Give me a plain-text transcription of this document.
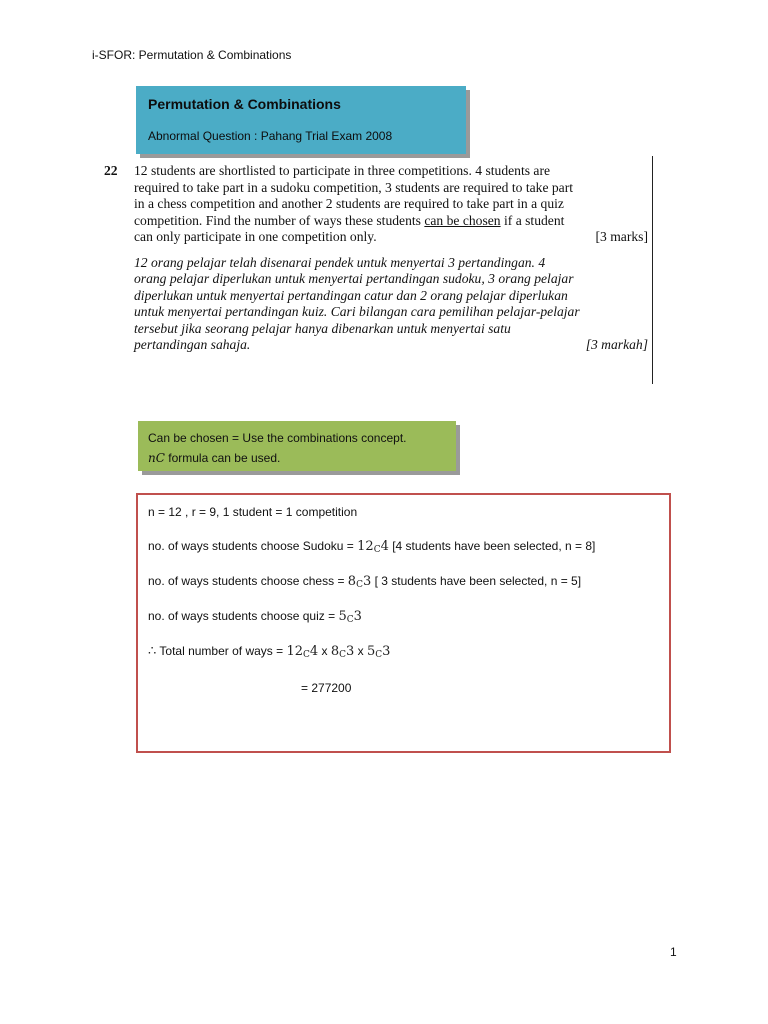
i-SFOR: Permutation & Combinations
Permutation & Combinations
Abnormal Question : Pahang Trial Exam 2008
22 12 students are shortlisted to participate in three competitions. 4 students are

required to take part in a sudoku competition, 3 students are required to take part

in a chess competition and another 2 students are required to take part in a quiz

competition. Find the number of ways these students can be chosen if a student

can only participate in one competition only.	[3 marks]

12 orang pelajar telah disenarai pendek untuk menyertai 3 pertandingan. 4

orang pelajar diperlukan untuk menyertai pertandingan sudoku, 3 orang pelajar

diperlukan untuk menyertai pertandingan catur dan 2 orang pelajar diperlukan

untuk menyertai pertandingan kuiz. Cari bilangan cara pemilihan pelajar-pelajar

tersebut jika seorang pelajar hanya dibenarkan untuk menyertai satu

pertandingan sahaja.	[3 markah]
Can be chosen = Use the combinations concept.
nC formula can be used.
n = 12 , r = 9, 1 student = 1 competition
no. of ways students choose Sudoku = $12_C4$ [4 students have been selected, n = 8]
no. of ways students choose chess = $8_C3$ [ 3 students have been selected, n = 5]
no. of ways students choose quiz = $5_C3$
∴ Total number of ways = $12_C4$ x $8_C3$ x $5_C3$
= 277200
1
